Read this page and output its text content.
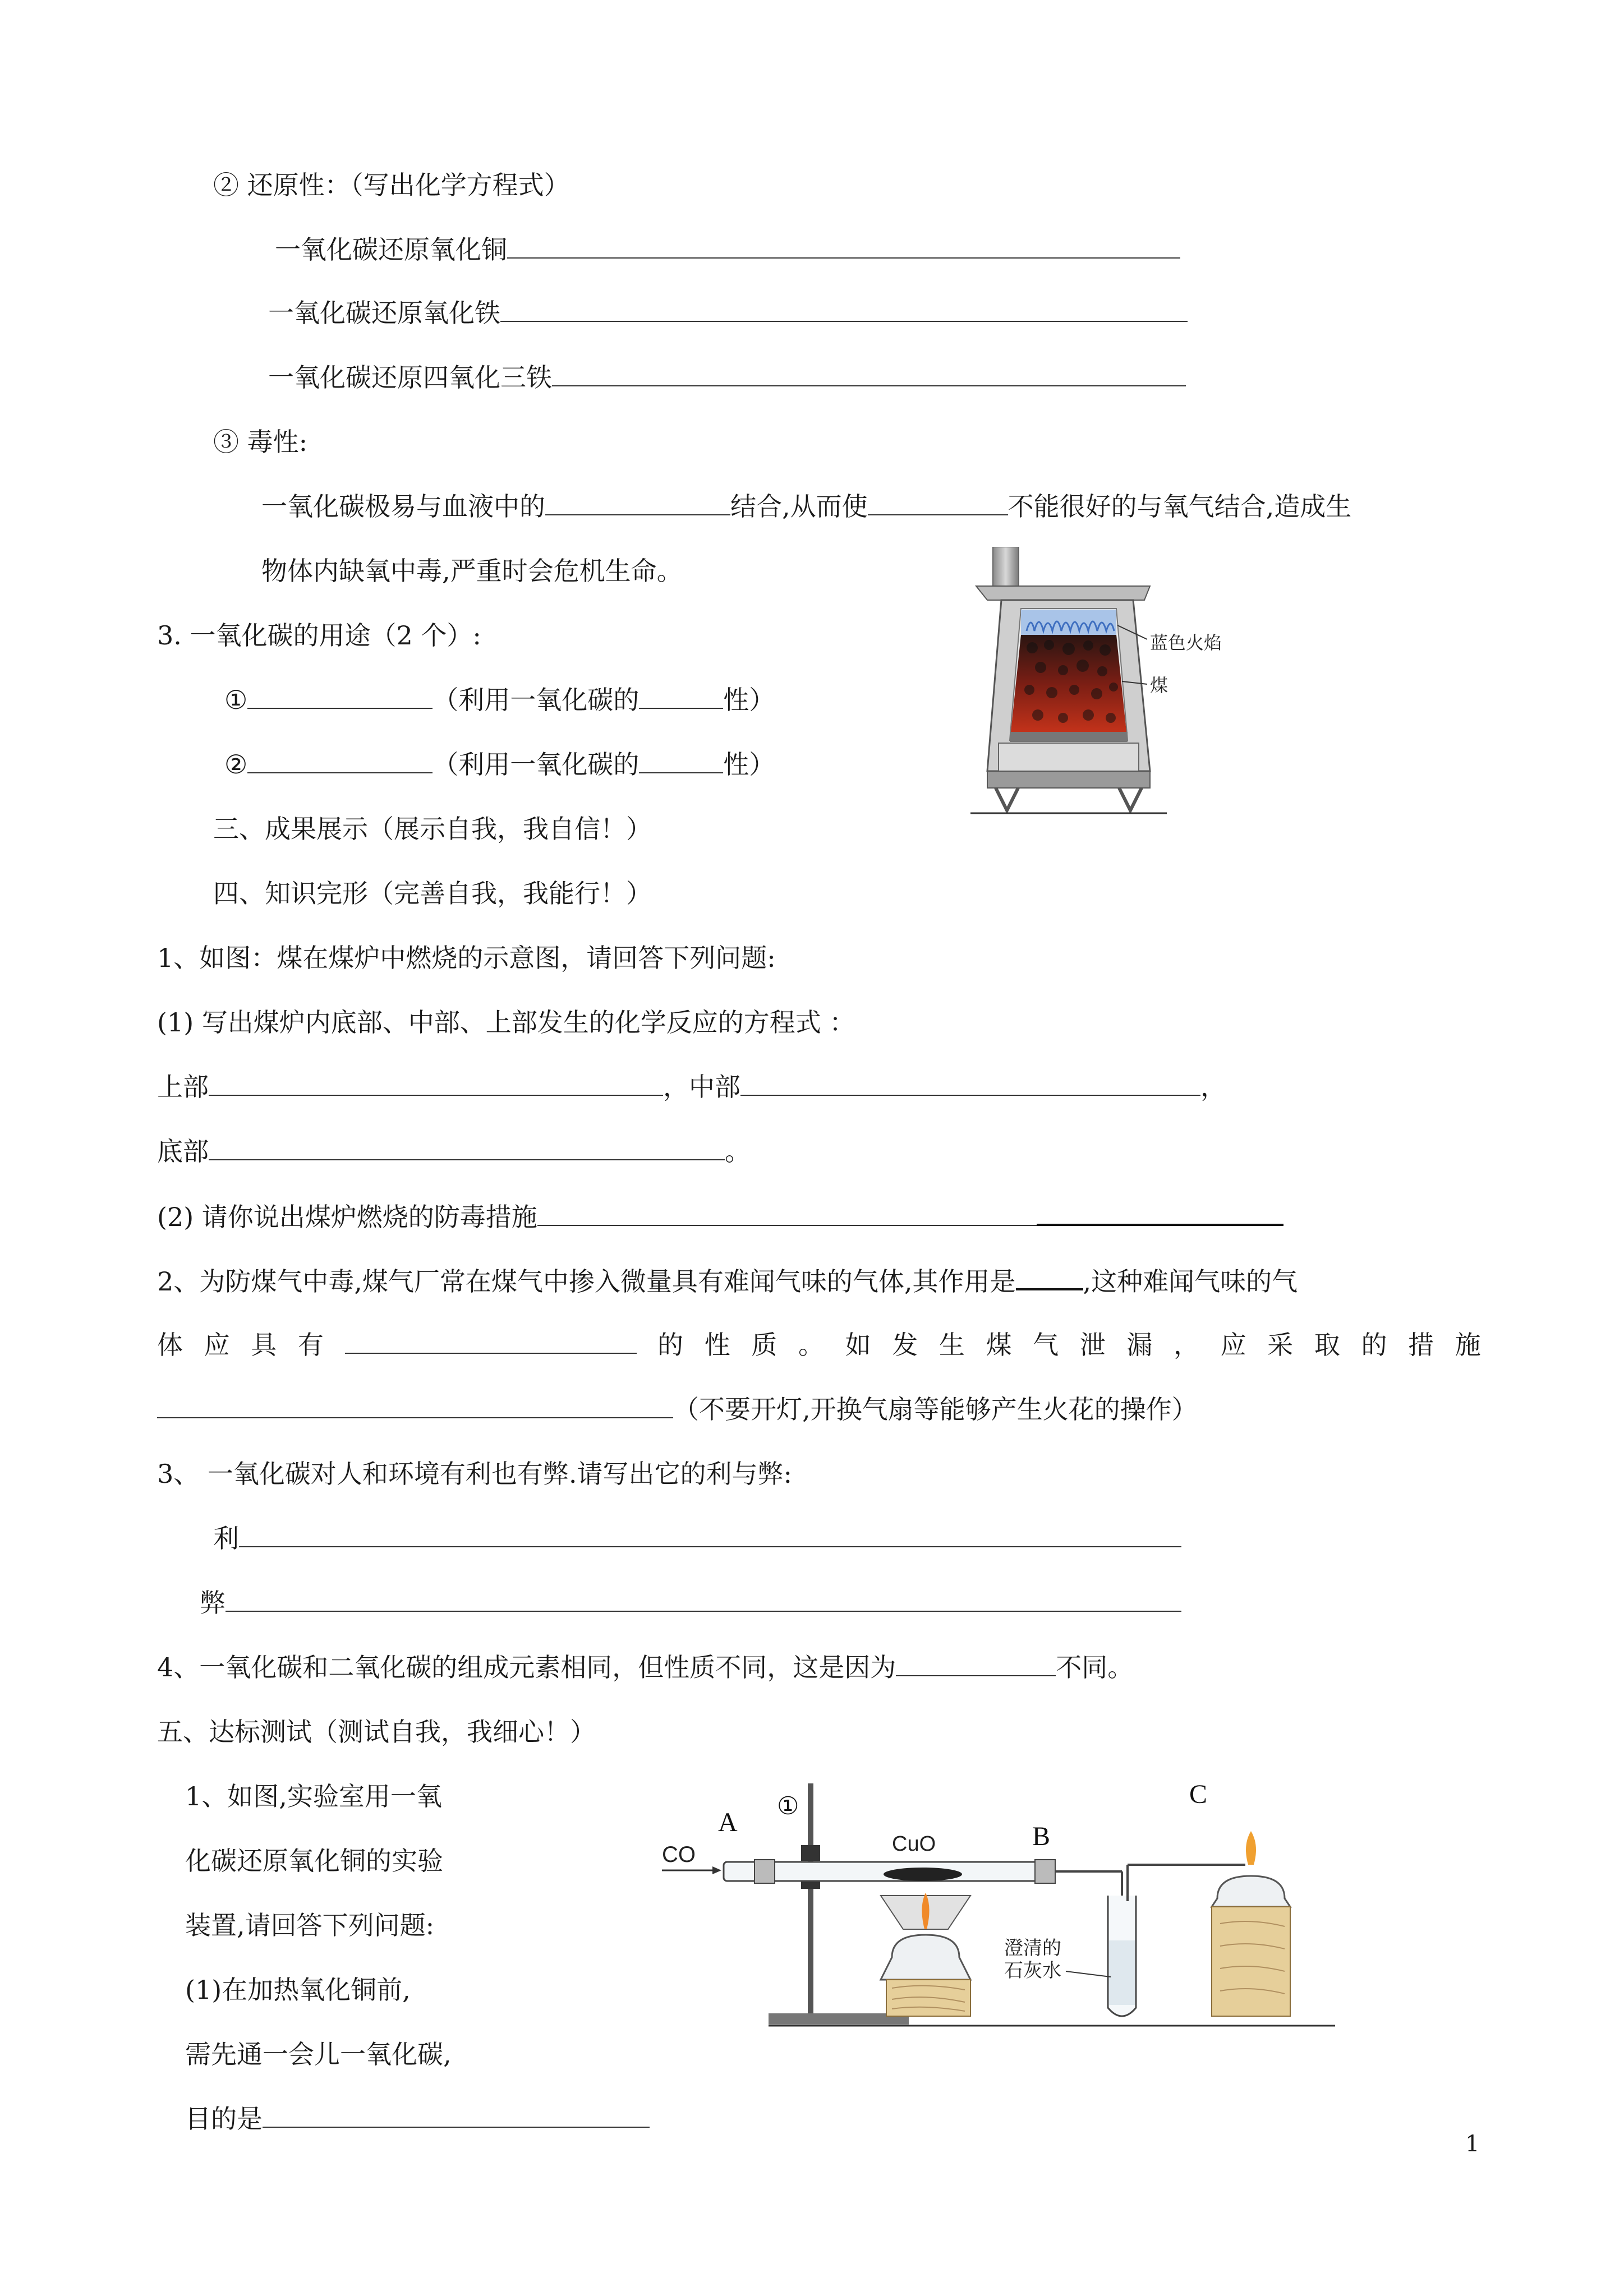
② 还原性：（写出化学方程式）
一氧化碳还原氧化铜
一氧化碳还原氧化铁
一氧化碳还原四氧化三铁
③ 毒性:
一氧化碳极易与血液中的	结合,从而使	不能很好的与氧气结合,造成生
物体内缺氧中毒,严重时会危机生命。
3. 一氧化碳的用途（2 个）:
①	（利用一氧化碳的	性）
②	（利用一氧化碳的	性）
蓝色火焰
煤
三、成果展示（展示自我，我自信！）
四、知识完形（完善自我，我能行！）
1、如图：煤在煤炉中燃烧的示意图，请回答下列问题:
(1) 写出煤炉内底部、中部、上部发生的化学反应的方程式 ：
上部	，中部	，
底部	。
(2) 请你说出煤炉燃烧的防毒措施
2、为防煤气中毒,煤气厂常在煤气中掺入微量具有难闻气味的气体,其作用是	,这种难闻气味的气
体 应 具 有	的 性 质 。 如 发 生 煤 气 泄 漏 ， 应 采 取 的 措 施
（不要开灯,开换气扇等能够产生火花的操作）
3、 一氧化碳对人和环境有利也有弊.请写出它的利与弊:
利
弊
4、一氧化碳和二氧化碳的组成元素相同，但性质不同，这是因为	不同。
五、达标测试（测试自我，我细心！）
1、如图,实验室用一氧
化碳还原氧化铜的实验
装置,请回答下列问题:
(1)在加热氧化铜前,
需先通一会儿一氧化碳,
目的是
A
①
B
C
CO	CuO
澄清的
石灰水
1
